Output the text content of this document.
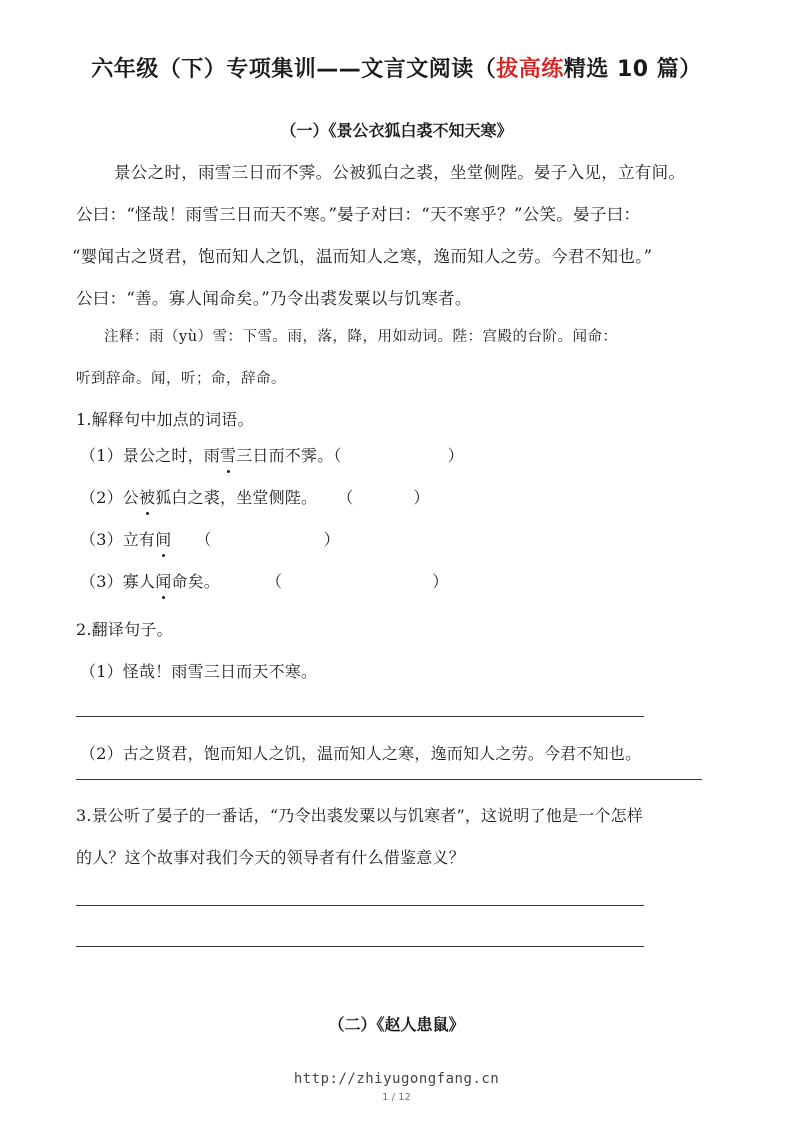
六年级（下）专项集训——文言文阅读（拔高练精选 10 篇）
（一）《景公衣狐白裘不知天寒》
景公之时，雨雪三日而不霁。公被狐白之裘，坐堂侧陛。晏子入见，立有间。
公曰：“怪哉！雨雪三日而天不寒。”晏子对曰：“天不寒乎？”公笑。晏子曰：
“婴闻古之贤君，饱而知人之饥，温而知人之寒，逸而知人之劳。今君不知也。”
公曰：“善。寡人闻命矣。”乃令出裘发粟以与饥寒者。
注释：雨（yù）雪：下雪。雨，落，降，用如动词。陛：宫殿的台阶。闻命：
听到辞命。闻，听；命，辞命。
1.解释句中加点的词语。
（1）景公之时，雨雪三日而不霁。（	）
（2）公被狐白之裘，坐堂侧陛。 （	）
（3）立有间 （	）
（3）寡人闻命矣。	（	）
2.翻译句子。
（1）怪哉！雨雪三日而天不寒。
（2）古之贤君，饱而知人之饥，温而知人之寒，逸而知人之劳。今君不知也。
3.景公听了晏子的一番话，“乃令出裘发粟以与饥寒者”，这说明了他是一个怎样
的人？这个故事对我们今天的领导者有什么借鉴意义？
（二）《赵人患鼠》
http://zhiyugongfang.cn
1 / 12
